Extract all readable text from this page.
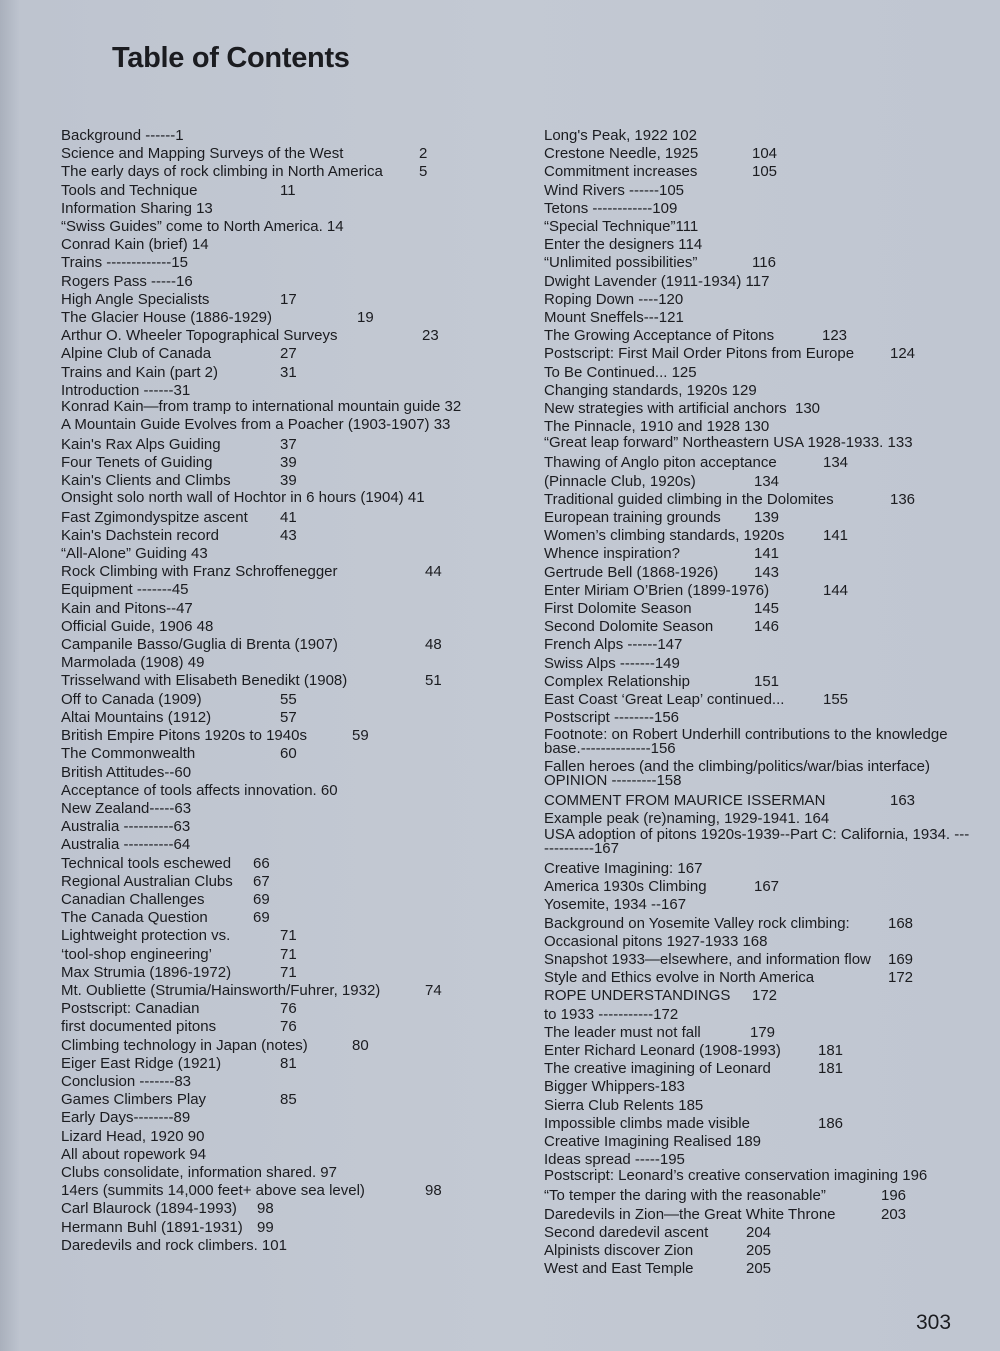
Table of Contents
Background ------1
Science and Mapping Surveys of the West	2
The early days of rock climbing in North America 5
Tools and Technique	11
Information Sharing 13
“Swiss Guides” come to North America. 14
Conrad Kain (brief) 14
Trains -------------15
Rogers Pass -----16
High Angle Specialists	17
The Glacier House (1886-1929)	19
Arthur O. Wheeler Topographical Surveys	23
Alpine Club of Canada	27
Trains and Kain (part 2)	31
Introduction ------31
Konrad Kain—from tramp to international mountain guide 32
A Mountain Guide Evolves from a Poacher (1903-1907) 33
Kain's Rax Alps Guiding	37
Four Tenets of Guiding	39
Kain's Clients and Climbs	39
Onsight solo north wall of Hochtor in 6 hours (1904) 41
Fast Zgimondyspitze ascent 41
Kain's Dachstein record	43
“All-Alone” Guiding 43
Rock Climbing with Franz Schroffenegger	44
Equipment -------45
Kain and Pitons--47
Official Guide, 1906 48
Campanile Basso/Guglia di Brenta (1907)	48
Marmolada (1908) 49
Trisselwand with Elisabeth Benedikt (1908)	51
Off to Canada (1909)	55
Altai Mountains (1912)	57
British Empire Pitons 1920s to 1940s	59
The Commonwealth	60
British Attitudes--60
Acceptance of tools affects innovation. 60
New Zealand-----63
Australia ----------63
Australia ----------64
Technical tools eschewed 66
Regional Australian Clubs 67
Canadian Challenges	69
The Canada Question	69
Lightweight protection vs.	71
‘tool-shop engineering’	71
Max Strumia (1896-1972)	71
Mt. Oubliette (Strumia/Hainsworth/Fuhrer, 1932)	74
Postscript: Canadian	76
first documented pitons	76
Climbing technology in Japan (notes)	80
Eiger East Ridge (1921)	81
Conclusion -------83
Games Climbers Play	85
Early Days--------89
Lizard Head, 1920 90
All about ropework 94
Clubs consolidate, information shared. 97
14ers (summits 14,000 feet+ above sea level)	98
Carl Blaurock (1894-1993) 98
Hermann Buhl (1891-1931) 99
Daredevils and rock climbers. 101
Long's Peak, 1922 102
Crestone Needle, 1925	104
Commitment increases	105
Wind Rivers ------105
Tetons ------------109
“Special Technique”111
Enter the designers 114
“Unlimited possibilities”	116
Dwight Lavender (1911-1934) 117
Roping Down ----120
Mount Sneffels---121
The Growing Acceptance of Pitons	123
Postscript: First Mail Order Pitons from Europe 124
To Be Continued... 125
Changing standards, 1920s 129
New strategies with artificial anchors 130
The Pinnacle, 1910 and 1928 130
“Great leap forward” Northeastern USA 1928-1933. 133
Thawing of Anglo piton acceptance	134
(Pinnacle Club, 1920s)	134
Traditional guided climbing in the Dolomites	136
European training grounds 139
Women’s climbing standards, 1920s	141
Whence inspiration?	141
Gertrude Bell (1868-1926) 143
Enter Miriam O’Brien (1899-1976)	144
First Dolomite Season	145
Second Dolomite Season	146
French Alps ------147
Swiss Alps -------149
Complex Relationship	151
East Coast ‘Great Leap’ continued...	155
Postscript --------156
Footnote: on Robert Underhill contributions to the knowledge base.--------------156
Fallen heroes (and the climbing/politics/war/bias interface) OPINION ---------158
COMMENT FROM MAURICE ISSERMAN	163
Example peak (re)naming, 1929-1941. 164
USA adoption of pitons 1920s-1939--Part C: California, 1934. -------------167
Creative Imagining: 167
America 1930s Climbing	167
Yosemite, 1934 --167
Background on Yosemite Valley rock climbing:	168
Occasional pitons 1927-1933 168
Snapshot 1933—elsewhere, and information flow 169
Style and Ethics evolve in North America	172
ROPE UNDERSTANDINGS 172
to 1933 -----------172
The leader must not fall	179
Enter Richard Leonard (1908-1993) 181
The creative imagining of Leonard	181
Bigger Whippers-183
Sierra Club Relents 185
Impossible climbs made visible	186
Creative Imagining Realised 189
Ideas spread -----195
Postscript: Leonard’s creative conservation imagining 196
“To temper the daring with the reasonable”	196
Daredevils in Zion—the Great White Throne	203
Second daredevil ascent	204
Alpinists discover Zion	205
West and East Temple	205
303
